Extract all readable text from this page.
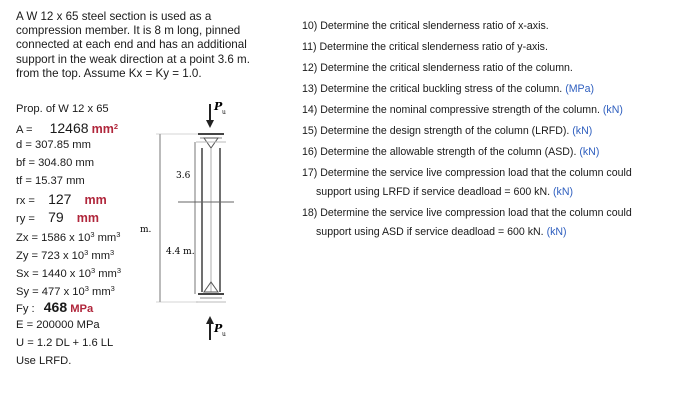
A W 12 x 65 steel section is used as a
compression member. It is 8 m long, pinned
connected at each end and has an additional
support in the weak direction at a point 3.6 m.
from the top. Assume Kx = Ky = 1.0.
Prop. of W 12 x 65
A = 12468 $mm^2$
d = 307.85 mm
bf = 304.80 mm
tf = 15.37 mm
rx = 127 mm
ry = 79 mm
Zx = 1586 x $10^3$ $mm^3$
Zy = 723 x $10^3$ $mm^3$
Sx = 1440 x $10^3$ $mm^3$
Sy = 477 x $10^3$ $mm^3$
Fy : 468 MPa
E = 200000 MPa
U = 1.2 DL + 1.6 LL
Use LRFD.
P u
P u
m.
3.6
4.4 m.
10) Determine the critical slenderness ratio of x-axis.
11) Determine the critical slenderness ratio of y-axis.
12) Determine the critical slenderness ratio of the column.
13) Determine the critical buckling stress of the column. (MPa)
14) Determine the nominal compressive strength of the column. (kN)
15) Determine the design strength of the column (LRFD). (kN)
16) Determine the allowable strength of the column (ASD). (kN)
17) Determine the service live compression load that the column could
support using LRFD if service deadload = 600 kN. (kN)
18) Determine the service live compression load that the column could
support using ASD if service deadload = 600 kN. (kN)
